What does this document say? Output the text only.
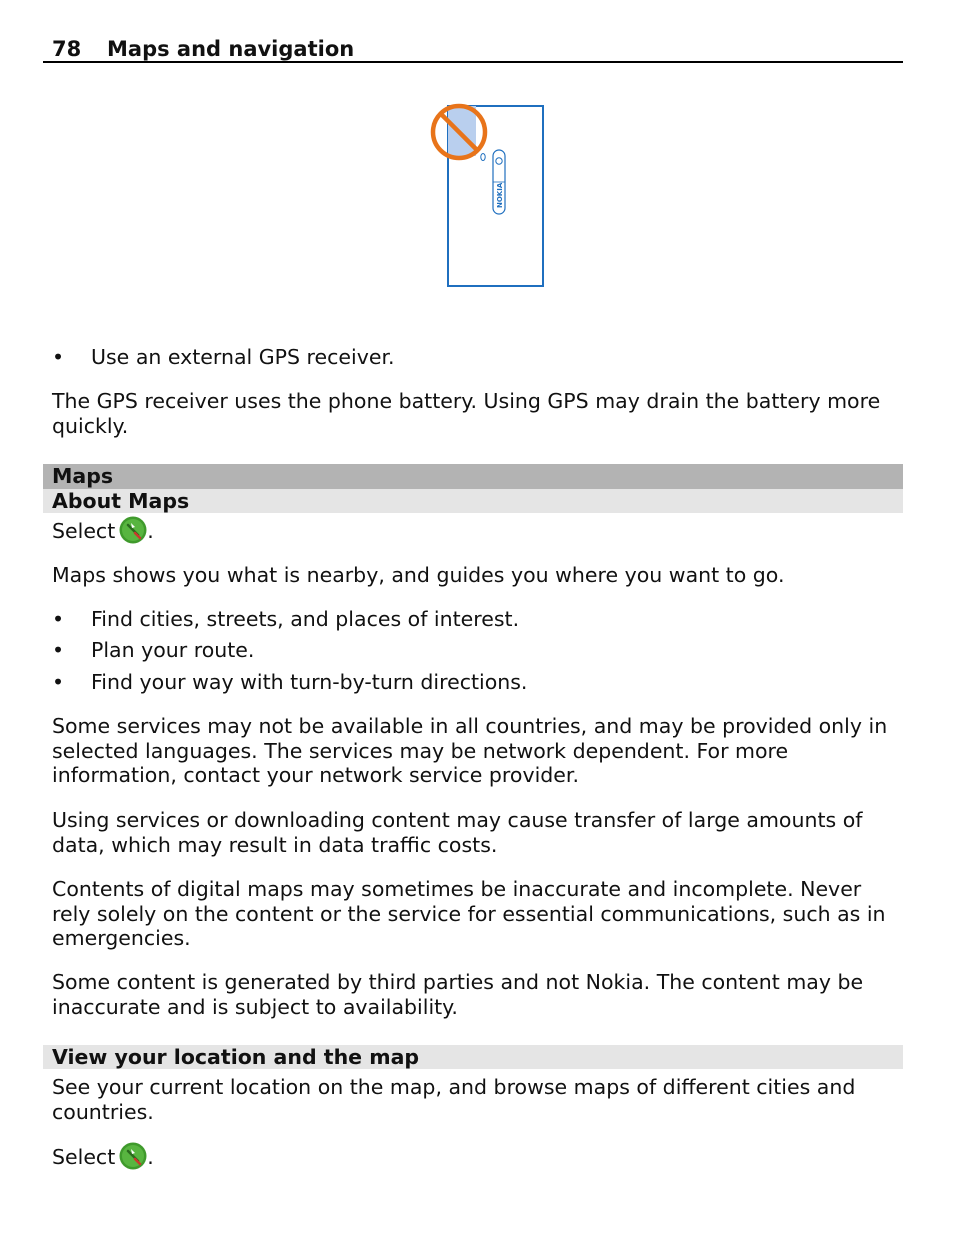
78 Maps and navigation
NOKIA
• Use an external GPS receiver.
The GPS receiver uses the phone battery. Using GPS may drain the battery more quickly.
Maps
About Maps
Select .
Maps shows you what is nearby, and guides you where you want to go.
• Find cities, streets, and places of interest.
• Plan your route.
• Find your way with turn-by-turn directions.
Some services may not be available in all countries, and may be provided only in selected languages. The services may be network dependent. For more information, contact your network service provider.
Using services or downloading content may cause transfer of large amounts of data, which may result in data traffic costs.
Contents of digital maps may sometimes be inaccurate and incomplete. Never rely solely on the content or the service for essential communications, such as in emergencies.
Some content is generated by third parties and not Nokia. The content may be inaccurate and is subject to availability.
View your location and the map
See your current location on the map, and browse maps of different cities and countries.
Select .
